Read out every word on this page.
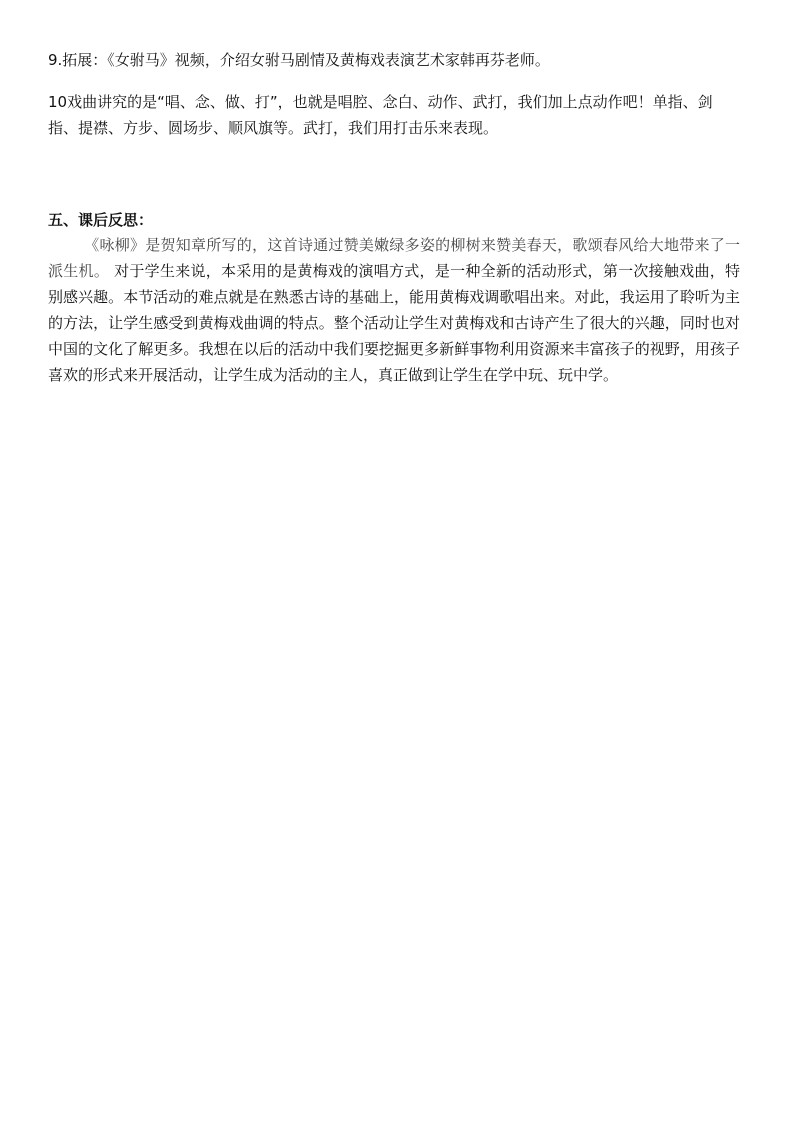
9.拓展：《女驸马》视频，介绍女驸马剧情及黄梅戏表演艺术家韩再芬老师。
10戏曲讲究的是“唱、念、做、打”，也就是唱腔、念白、动作、武打，我们加上点动作吧！单指、剑指、提襟、方步、圆场步、顺风旗等。武打，我们用打击乐来表现。
五、课后反思：
《咏柳》是贺知章所写的，这首诗通过赞美嫩绿多姿的柳树来赞美春天，歌颂春风给大地带来了一派生机。 对于学生来说，本采用的是黄梅戏的演唱方式，是一种全新的活动形式，第一次接触戏曲，特别感兴趣。本节活动的难点就是在熟悉古诗的基础上，能用黄梅戏调歌唱出来。对此，我运用了聆听为主的方法，让学生感受到黄梅戏曲调的特点。整个活动让学生对黄梅戏和古诗产生了很大的兴趣，同时也对中国的文化了解更多。我想在以后的活动中我们要挖掘更多新鲜事物利用资源来丰富孩子的视野，用孩子喜欢的形式来开展活动，让学生成为活动的主人，真正做到让学生在学中玩、玩中学。
